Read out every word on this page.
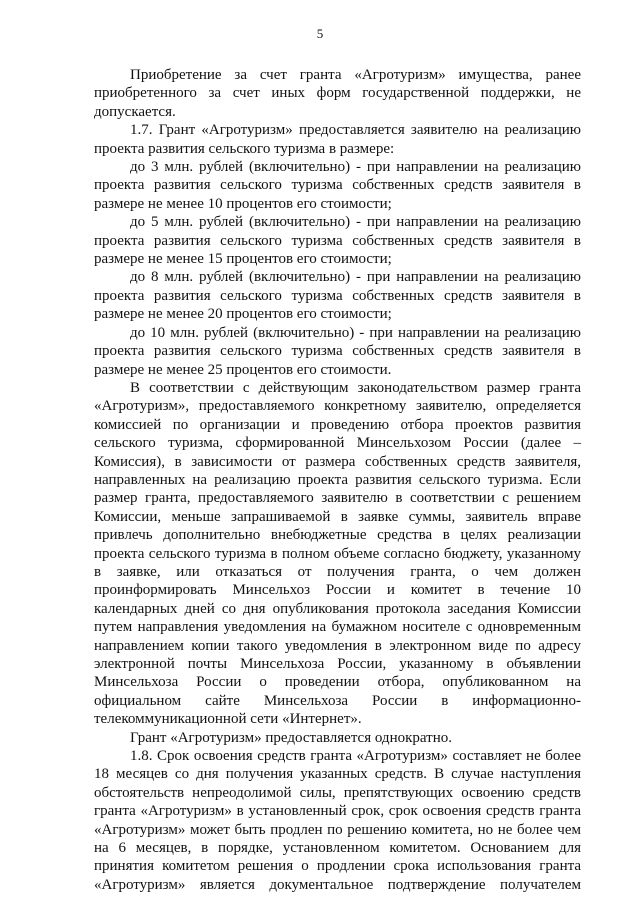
5

Приобретение за счет гранта «Агротуризм» имущества, ранее приобретенного за счет иных форм государственной поддержки, не допускается.

1.7. Грант «Агротуризм» предоставляется заявителю на реализацию проекта развития сельского туризма в размере:

до 3 млн. рублей (включительно) - при направлении на реализацию проекта развития сельского туризма собственных средств заявителя в размере не менее 10 процентов его стоимости;

до 5 млн. рублей (включительно) - при направлении на реализацию проекта развития сельского туризма собственных средств заявителя в размере не менее 15 процентов его стоимости;

до 8 млн. рублей (включительно) - при направлении на реализацию проекта развития сельского туризма собственных средств заявителя в размере не менее 20 процентов его стоимости;

до 10 млн. рублей (включительно) - при направлении на реализацию проекта развития сельского туризма собственных средств заявителя в размере не менее 25 процентов его стоимости.

В соответствии с действующим законодательством размер гранта «Агротуризм», предоставляемого конкретному заявителю, определяется комиссией по организации и проведению отбора проектов развития сельского туризма, сформированной Минсельхозом России (далее – Комиссия), в зависимости от размера собственных средств заявителя, направленных на реализацию проекта развития сельского туризма. Если размер гранта, предоставляемого заявителю в соответствии с решением Комиссии, меньше запрашиваемой в заявке суммы, заявитель вправе привлечь дополнительно внебюджетные средства в целях реализации проекта сельского туризма в полном объеме согласно бюджету, указанному в заявке, или отказаться от получения гранта, о чем должен проинформировать Минсельхоз России и комитет в течение 10 календарных дней со дня опубликования протокола заседания Комиссии путем направления уведомления на бумажном носителе с одновременным направлением копии такого уведомления в электронном виде по адресу электронной почты Минсельхоза России, указанному в объявлении Минсельхоза России о проведении отбора, опубликованном на официальном сайте Минсельхоза России в информационно-телекоммуникационной сети «Интернет».

Грант «Агротуризм» предоставляется однократно.

1.8. Срок освоения средств гранта «Агротуризм» составляет не более 18 месяцев со дня получения указанных средств. В случае наступления обстоятельств непреодолимой силы, препятствующих освоению средств гранта «Агротуризм» в установленный срок, срок освоения средств гранта «Агротуризм» может быть продлен по решению комитета, но не более чем на 6 месяцев, в порядке, установленном комитетом. Основанием для принятия комитетом решения о продлении срока использования гранта «Агротуризм» является документальное подтверждение получателем
